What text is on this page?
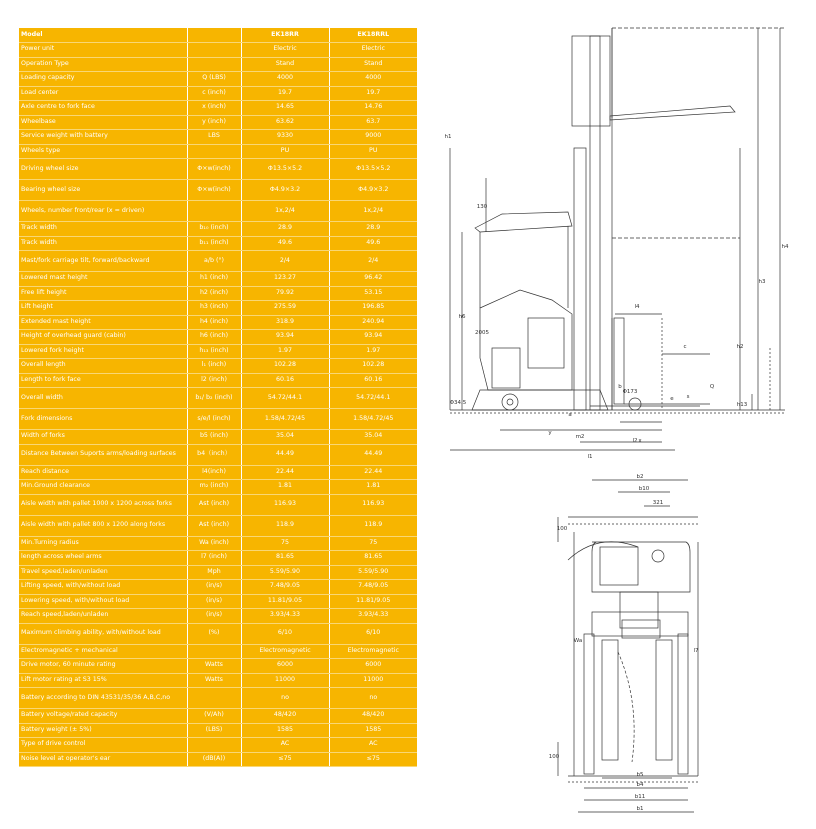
Model		EK18RR	EK18RRL
Power unit		Electric	Electric
Operation Type		Stand	Stand
Loading capacity	Q (LBS)	4000	4000
Load center	c (inch)	19.7	19.7
Axle centre to fork face	x (inch)	14.65	14.76
Wheelbase	y (inch)	63.62	63.7
Service weight with battery	LBS	9330	9000
Wheels type		PU	PU
Driving wheel size	Φ×w(inch)	Φ13.5×5.2	Φ13.5×5.2
Bearing wheel size	Φ×w(inch)	Φ4.9×3.2	Φ4.9×3.2
Wheels, number front/rear (x = driven)		1x,2/4	1x,2/4
Track width	b₁₀ (inch)	28.9	28.9
Track width	b₁₁ (inch)	49.6	49.6
Mast/fork carriage tilt, forward/backward	a/b (°)	2/4	2/4
Lowered mast height	h1 (inch)	123.27	96.42
Free lift height	h2 (inch)	79.92	53.15
Lift height	h3 (inch)	275.59	196.85
Extended mast height	h4 (inch)	318.9	240.94
Height of overhead guard (cabin)	h6 (inch)	93.94	93.94
Lowered fork height	h₁₃ (inch)	1.97	1.97
Overall length	l₁ (inch)	102.28	102.28
Length to fork face	l2 (inch)	60.16	60.16
Overall width	b₁/ b₂ (inch)	54.72/44.1	54.72/44.1
Fork dimensions	s/e/l (inch)	1.58/4.72/45	1.58/4.72/45
Width of forks	b5 (inch)	35.04	35.04
Distance Between Suports arms/loading surfaces	b4（inch）	44.49	44.49
Reach distance	l4(inch)	22.44	22.44
Min.Ground clearance	m₂ (inch)	1.81	1.81
Aisle width with pallet 1000 x 1200 across forks	Ast (inch)	116.93	116.93
Aisle width with pallet 800 x 1200 along forks	Ast (inch)	118.9	118.9
Min.Turning radius	Wa (inch)	75	75
length across wheel arms	l7 (inch)	81.65	81.65
Travel speed,laden/unladen	Mph	5.59/5.90	5.59/5.90
Lifting speed, with/without load	(in/s)	7.48/9.05	7.48/9.05
Lowering speed, with/without load	(in/s)	11.81/9.05	11.81/9.05
Reach speed,laden/unladen	(in/s)	3.93/4.33	3.93/4.33
Maximum climbing ability, with/without load	(%)	6/10	6/10
Electromagnetic + mechanical		Electromagnetic	Electromagnetic
Drive motor, 60 minute rating	Watts	6000	6000
Lift motor rating at S3 15%	Watts	11000	11000
Battery according to DIN 43531/35/36 A,B,C,no		no	no
Battery voltage/rated capacity	(V/Ah)	48/420	48/420
Battery weight (± 5%)	(LBS)	1585	1585
Type of drive control		AC	AC
Noise level at operator's ear	(dB(A))	≤75	≤75
h4
h1
h3
h2
h6
2005
130
l4
c
Q
h13
l2
l1
m2
y
x
s
a
b
e
Φ34.5
Φ173
b2
b10
321
100
l7
Wa
b5
b4
b11
b1
100
